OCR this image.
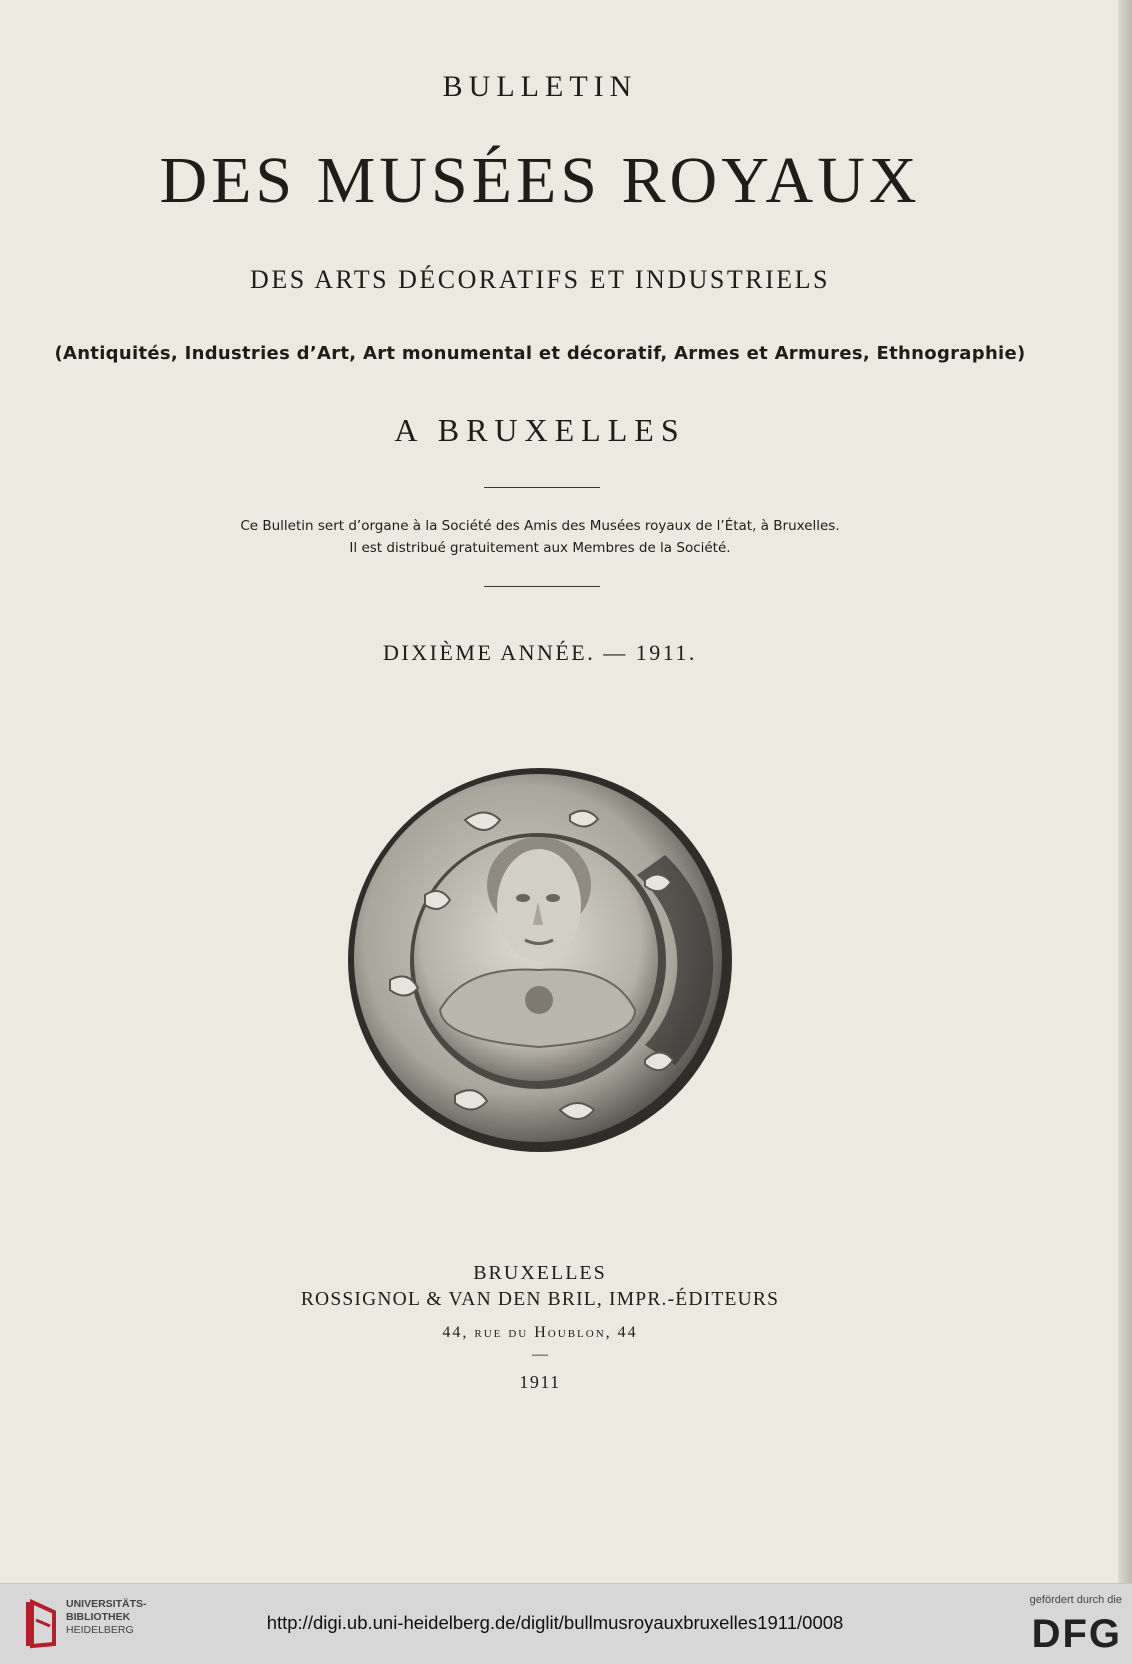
BULLETIN
DES MUSÉES ROYAUX
DES ARTS DÉCORATIFS ET INDUSTRIELS
(Antiquités, Industries d’Art, Art monumental et décoratif, Armes et Armures, Ethnographie)
A BRUXELLES
Ce Bulletin sert d’organe à la Société des Amis des Musées royaux de l’État, à Bruxelles.
Il est distribué gratuitement aux Membres de la Société.
DIXIÈME ANNÉE. — 1911.
BRUXELLES
ROSSIGNOL & VAN DEN BRIL, IMPR.-ÉDITEURS
44, rue du Houblon, 44
—
1911
UNIVERSITÄTS-
BIBLIOTHEK
HEIDELBERG	http://digi.ub.uni-heidelberg.de/diglit/bullmusroyauxbruxelles1911/0008
gefördert durch die
DFG
